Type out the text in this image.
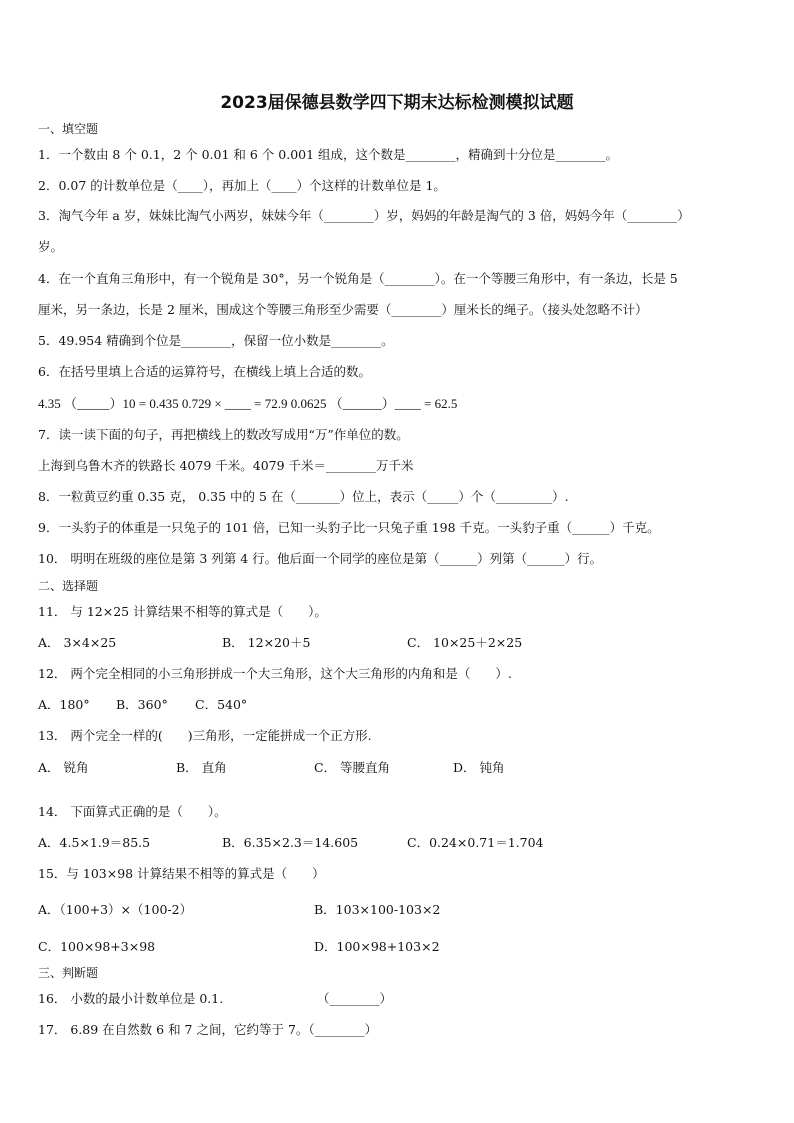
2023届保德县数学四下期末达标检测模拟试题
一、填空题
1．一个数由 8 个 0.1，2 个 0.01 和 6 个 0.001 组成，这个数是________，精确到十分位是________。
2．0.07 的计数单位是（____），再加上（____）个这样的计数单位是 1。
3．淘气今年 a 岁，妹妹比淘气小两岁，妹妹今年（________）岁，妈妈的年龄是淘气的 3 倍，妈妈今年（________）
岁。
4．在一个直角三角形中，有一个锐角是 30°，另一个锐角是（________）。在一个等腰三角形中，有一条边，长是 5
厘米，另一条边，长是 2 厘米，围成这个等腰三角形至少需要（________）厘米长的绳子。（接头处忽略不计）
5．49.954 精确到个位是________，保留一位小数是________。
6．在括号里填上合适的运算符号，在横线上填上合适的数。
4.35 （_____）10 = 0.435 0.729 × ____ = 72.9 0.0625 （______）____ = 62.5
7．读一读下面的句子，再把横线上的数改写成用“万”作单位的数。
上海到乌鲁木齐的铁路长 4079 千米。4079 千米＝________万千米
8．一粒黄豆约重 0.35 克， 0.35 中的 5 在（_______）位上，表示（_____）个（_________）.
9．一头豹子的体重是一只兔子的 101 倍，已知一头豹子比一只兔子重 198 千克。一头豹子重（______）千克。
10． 明明在班级的座位是第 3 列第 4 行。他后面一个同学的座位是第（______）列第（______）行。
二、选择题
11． 与 12×25 计算结果不相等的算式是（　　）。
A． 3×4×25	B． 12×20＋5	C． 10×25＋2×25
12． 两个完全相同的小三角形拼成一个大三角形，这个大三角形的内角和是（　　）.
A．180° B．360° C．540°
13． 两个完全一样的(　　)三角形，一定能拼成一个正方形.
A． 锐角	B． 直角	C． 等腰直角	D． 钝角
14． 下面算式正确的是（　　）。
A．4.5×1.9＝85.5	B．6.35×2.3＝14.605	C．0.24×0.71＝1.704
15．与 103×98 计算结果不相等的算式是（　　）
A．（100+3）×（100-2）	B．103×100-103×2
C．100×98+3×98	D．100×98+103×2
三、判断题
16． 小数的最小计数单位是 0.1.　　　　　　　　（________）
17． 6.89 在自然数 6 和 7 之间，它约等于 7。（________）
